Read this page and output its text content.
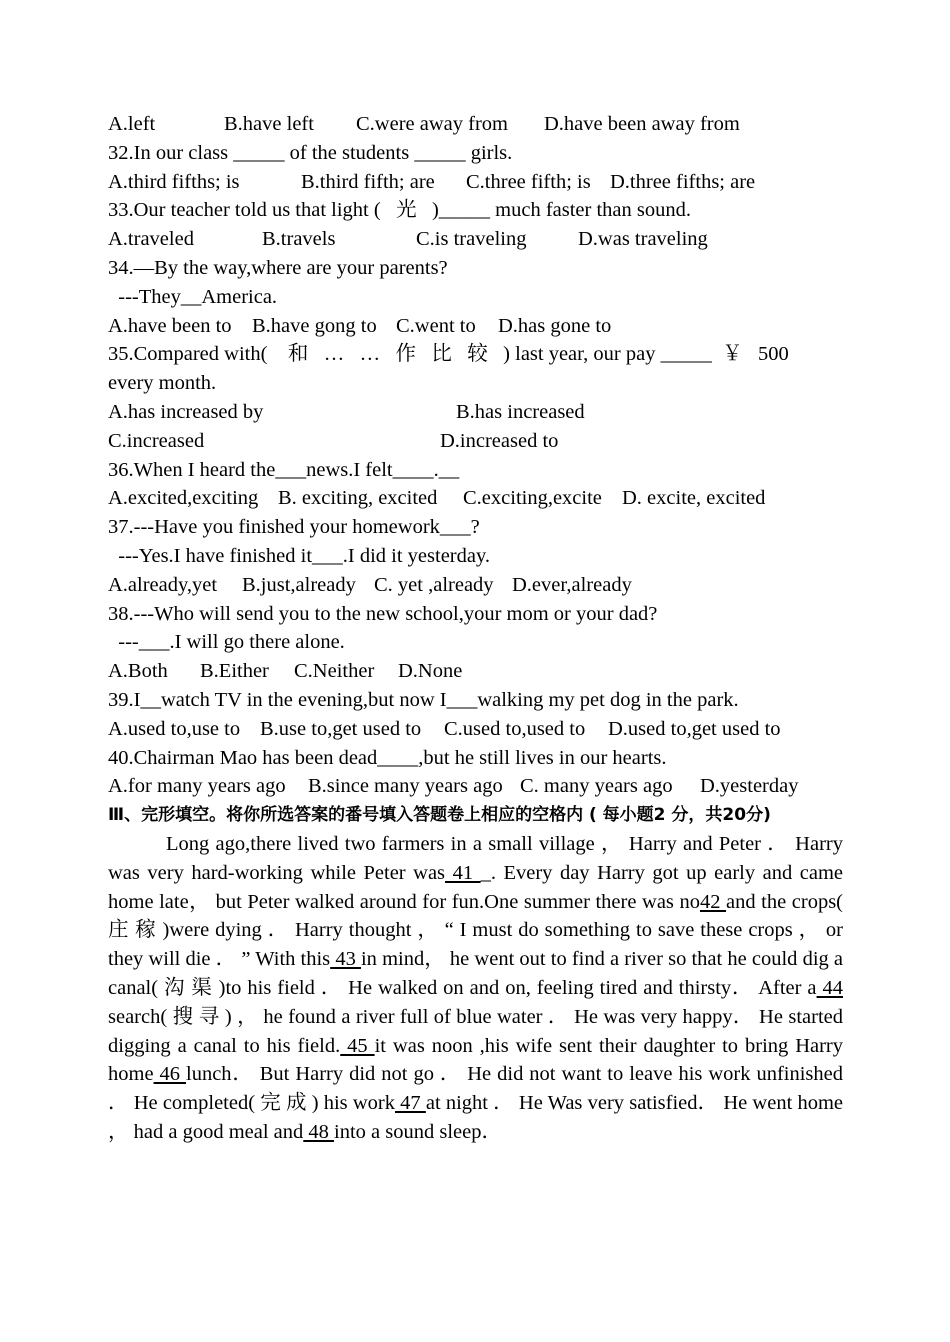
A.left

	B.have left

C.were away from

D.have been away from

32.In our class _____ of the students _____ girls.

A.third fifths; is

	B.third fifth; are

C.three fifth; is

D.three fifths; are

33.Our teacher told us that light (   光   )_____ much faster than sound.

A.traveled

	B.travels

	C.is traveling

	D.was traveling

34.—By the way,where are your parents?
---They__America.

A.have been to

B.have gong to

C.went to

D.has gone to

35.Compared with(    和   …   …   作   比   较   ) last year, our pay _____  ￥   500
every month.

A.has increased by

	B.has increased

C.increased

	D.increased to

36.When I heard the___news.I felt____.__

A.excited,exciting

B. exciting, excited

C.exciting,excite

D. excite, excited

37.---Have you finished your homework___?
---Yes.I have finished it___.I did it yesterday.

A.already,yet

B.just,already

C. yet ,already

D.ever,already

38.---Who will send you to the new school,your mom or your dad?
---___.I will go there alone.

A.Both

B.Either

C.Neither

D.None

39.I__watch TV in the evening,but now I___walking my pet dog in the park.

A.used to,use to

B.use to,get used to

C.used to,used to

D.used to,get used to

40.Chairman Mao has been dead____,but he still lives in our hearts.

A.for many years ago

B.since many years ago

C. many years ago

D.yesterday

Ⅲ、完形填空。将你所选答案的番号填入答题卷上相应的空格内 ( 每小题2 分，共20分)
Long ago,there lived two farmers in a small village ， Harry and Peter ． Harry was very hard-working while Peter was 41 _. Every day Harry got up early and came home late， but Peter walked around for fun.One summer there was no42 and the crops( 庄 稼 )were dying ． Harry thought ， “ I must do something to save these crops ， or they will die ． ” With this 43 in mind， he went out to find a river so that he could dig a canal( 沟 渠 )to his field ． He walked on and on, feeling tired and thirsty． After a 44 search( 搜 寻 ) ， he found a river full of blue water ． He was very happy． He started digging a canal to his field. 45 it was noon ,his wife sent their daughter to bring Harry home 46 lunch． But Harry did not go ． He did not want to leave his work unfinished ． He completed( 完 成 ) his work 47 at night ． He Was very satisfied． He went home ， had a good meal and 48 into a sound sleep．
